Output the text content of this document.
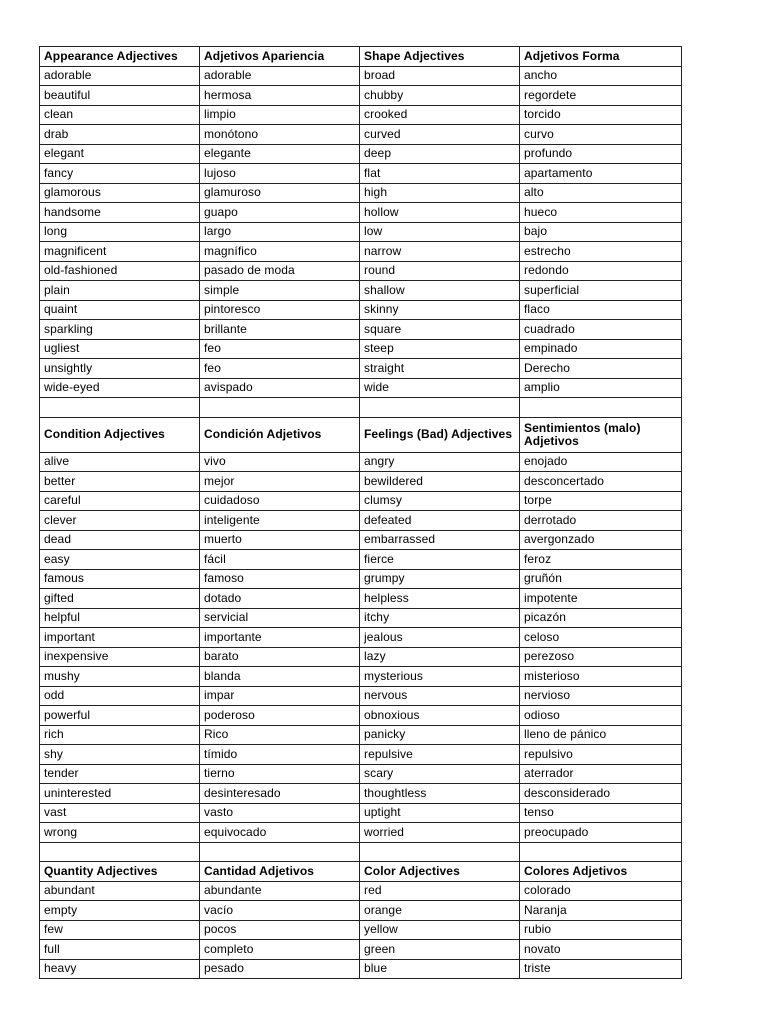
Appearance Adjectives	Adjetivos Apariencia	Shape Adjectives	Adjetivos Forma
adorable	adorable	broad	ancho
beautiful	hermosa	chubby	regordete
clean	limpio	crooked	torcido
drab	monótono	curved	curvo
elegant	elegante	deep	profundo
fancy	lujoso	flat	apartamento
glamorous	glamuroso	high	alto
handsome	guapo	hollow	hueco
long	largo	low	bajo
magnificent	magnífico	narrow	estrecho
old-fashioned	pasado de moda	round	redondo
plain	simple	shallow	superficial
quaint	pintoresco	skinny	flaco
sparkling	brillante	square	cuadrado
ugliest	feo	steep	empinado
unsightly	feo	straight	Derecho
wide-eyed	avispado	wide	amplio

Condition Adjectives	Condición Adjetivos	Feelings (Bad) Adjectives	Sentimientos (malo) Adjetivos
alive	vivo	angry	enojado
better	mejor	bewildered	desconcertado
careful	cuidadoso	clumsy	torpe
clever	inteligente	defeated	derrotado
dead	muerto	embarrassed	avergonzado
easy	fácil	fierce	feroz
famous	famoso	grumpy	gruñón
gifted	dotado	helpless	impotente
helpful	servicial	itchy	picazón
important	importante	jealous	celoso
inexpensive	barato	lazy	perezoso
mushy	blanda	mysterious	misterioso
odd	impar	nervous	nervioso
powerful	poderoso	obnoxious	odioso
rich	Rico	panicky	lleno de pánico
shy	tímido	repulsive	repulsivo
tender	tierno	scary	aterrador
uninterested	desinteresado	thoughtless	desconsiderado
vast	vasto	uptight	tenso
wrong	equivocado	worried	preocupado

Quantity Adjectives	Cantidad Adjetivos	Color Adjectives	Colores Adjetivos
abundant	abundante	red	colorado
empty	vacío	orange	Naranja
few	pocos	yellow	rubio
full	completo	green	novato
heavy	pesado	blue	triste
